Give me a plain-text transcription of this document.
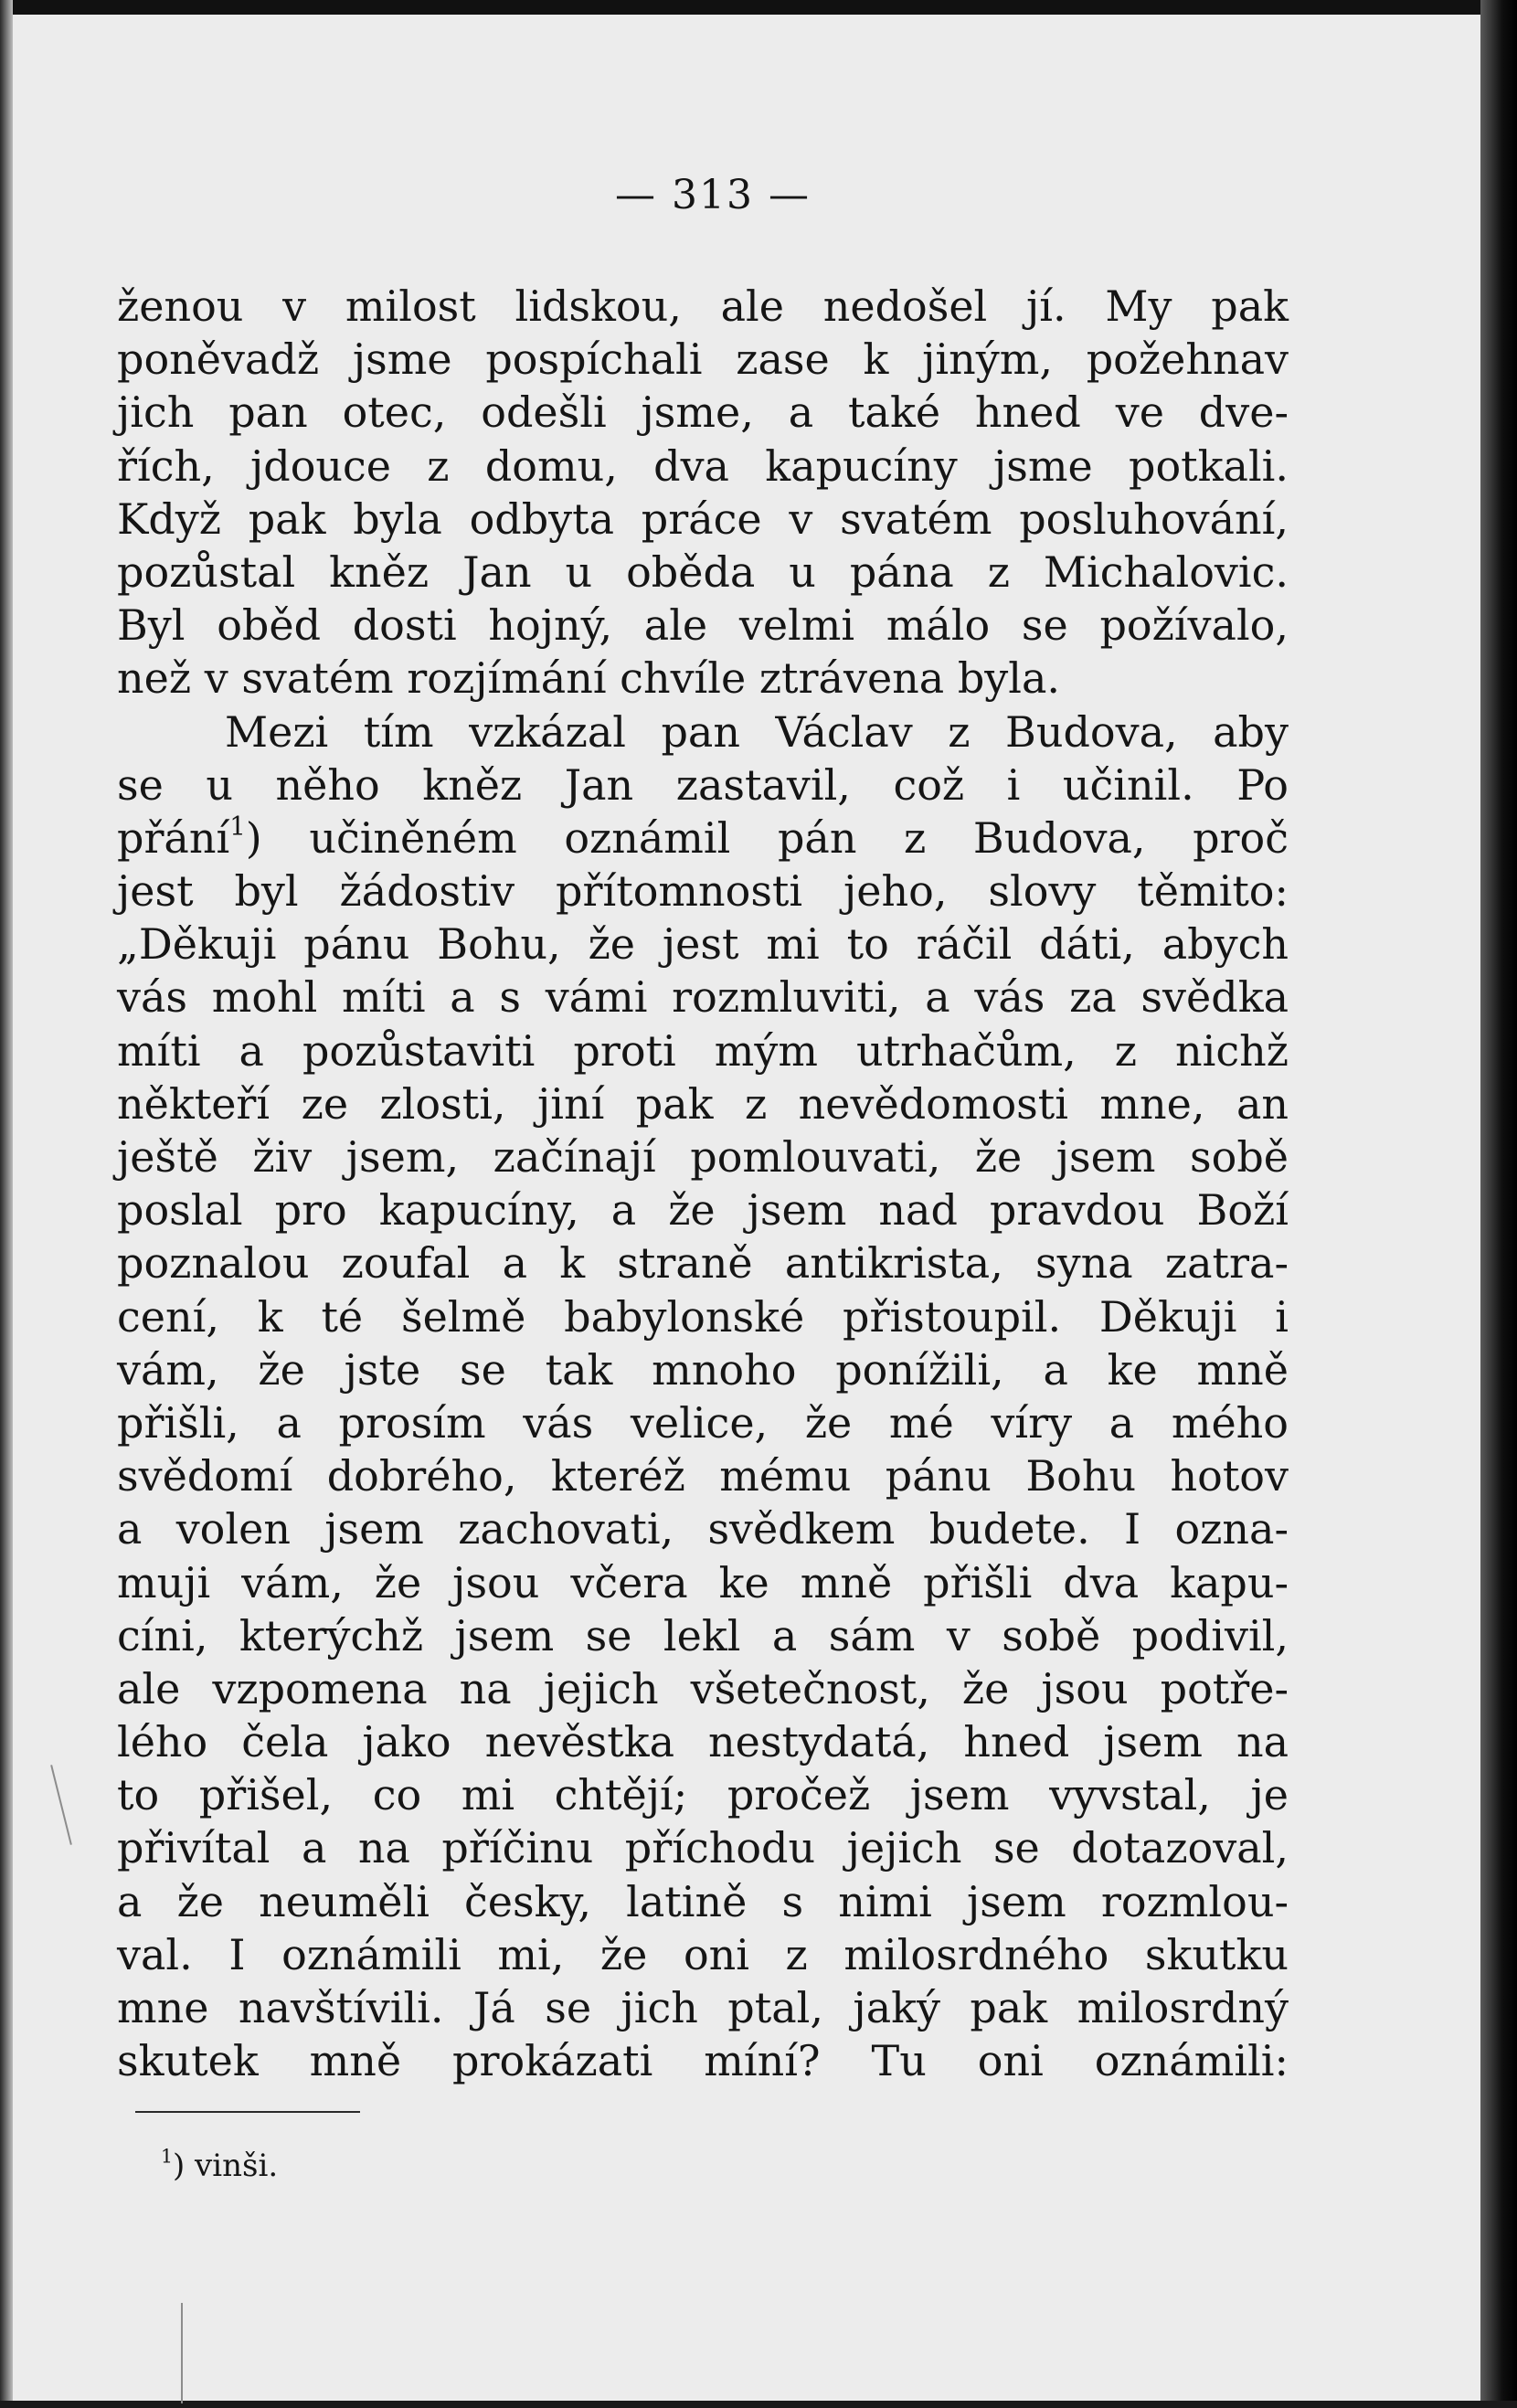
— 313 —
ženou v milost lidskou, ale nedošel jí. My pak
poněvadž jsme pospíchali zase k jiným, požehnav
jich pan otec, odešli jsme, a také hned ve dve-
řích, jdouce z domu, dva kapucíny jsme potkali.
Když pak byla odbyta práce v svatém posluhování,
pozůstal kněz Jan u oběda u pána z Michalovic.
Byl oběd dosti hojný, ale velmi málo se požívalo,
než v svatém rozjímání chvíle ztrávena byla.
Mezi tím vzkázal pan Václav z Budova, aby
se u něho kněz Jan zastavil, což i učinil. Po
přání$^1$) učiněném oznámil pán z Budova, proč
jest byl žádostiv přítomnosti jeho, slovy těmito:
„Děkuji pánu Bohu, že jest mi to ráčil dáti, abych
vás mohl míti a s vámi rozmluviti, a vás za svědka
míti a pozůstaviti proti mým utrhačům, z nichž
někteří ze zlosti, jiní pak z nevědomosti mne, an
ještě živ jsem, začínají pomlouvati, že jsem sobě
poslal pro kapucíny, a že jsem nad pravdou Boží
poznalou zoufal a k straně antikrista, syna zatra-
cení, k té šelmě babylonské přistoupil. Děkuji i
vám, že jste se tak mnoho ponížili, a ke mně
přišli, a prosím vás velice, že mé víry a mého
svědomí dobrého, kteréž mému pánu Bohu hotov
a volen jsem zachovati, svědkem budete. I ozna-
muji vám, že jsou včera ke mně přišli dva kapu-
cíni, kterýchž jsem se lekl a sám v sobě podivil,
ale vzpomena na jejich všetečnost, že jsou potře-
lého čela jako nevěstka nestydatá, hned jsem na
to přišel, co mi chtějí; pročež jsem vyvstal, je
přivítal a na příčinu příchodu jejich se dotazoval,
a že neuměli česky, latině s nimi jsem rozmlou-
val. I oznámili mi, že oni z milosrdného skutku
mne navštívili. Já se jich ptal, jaký pak milosrdný
skutek mně prokázati míní? Tu oni oznámili:
$^1$) vinši.
